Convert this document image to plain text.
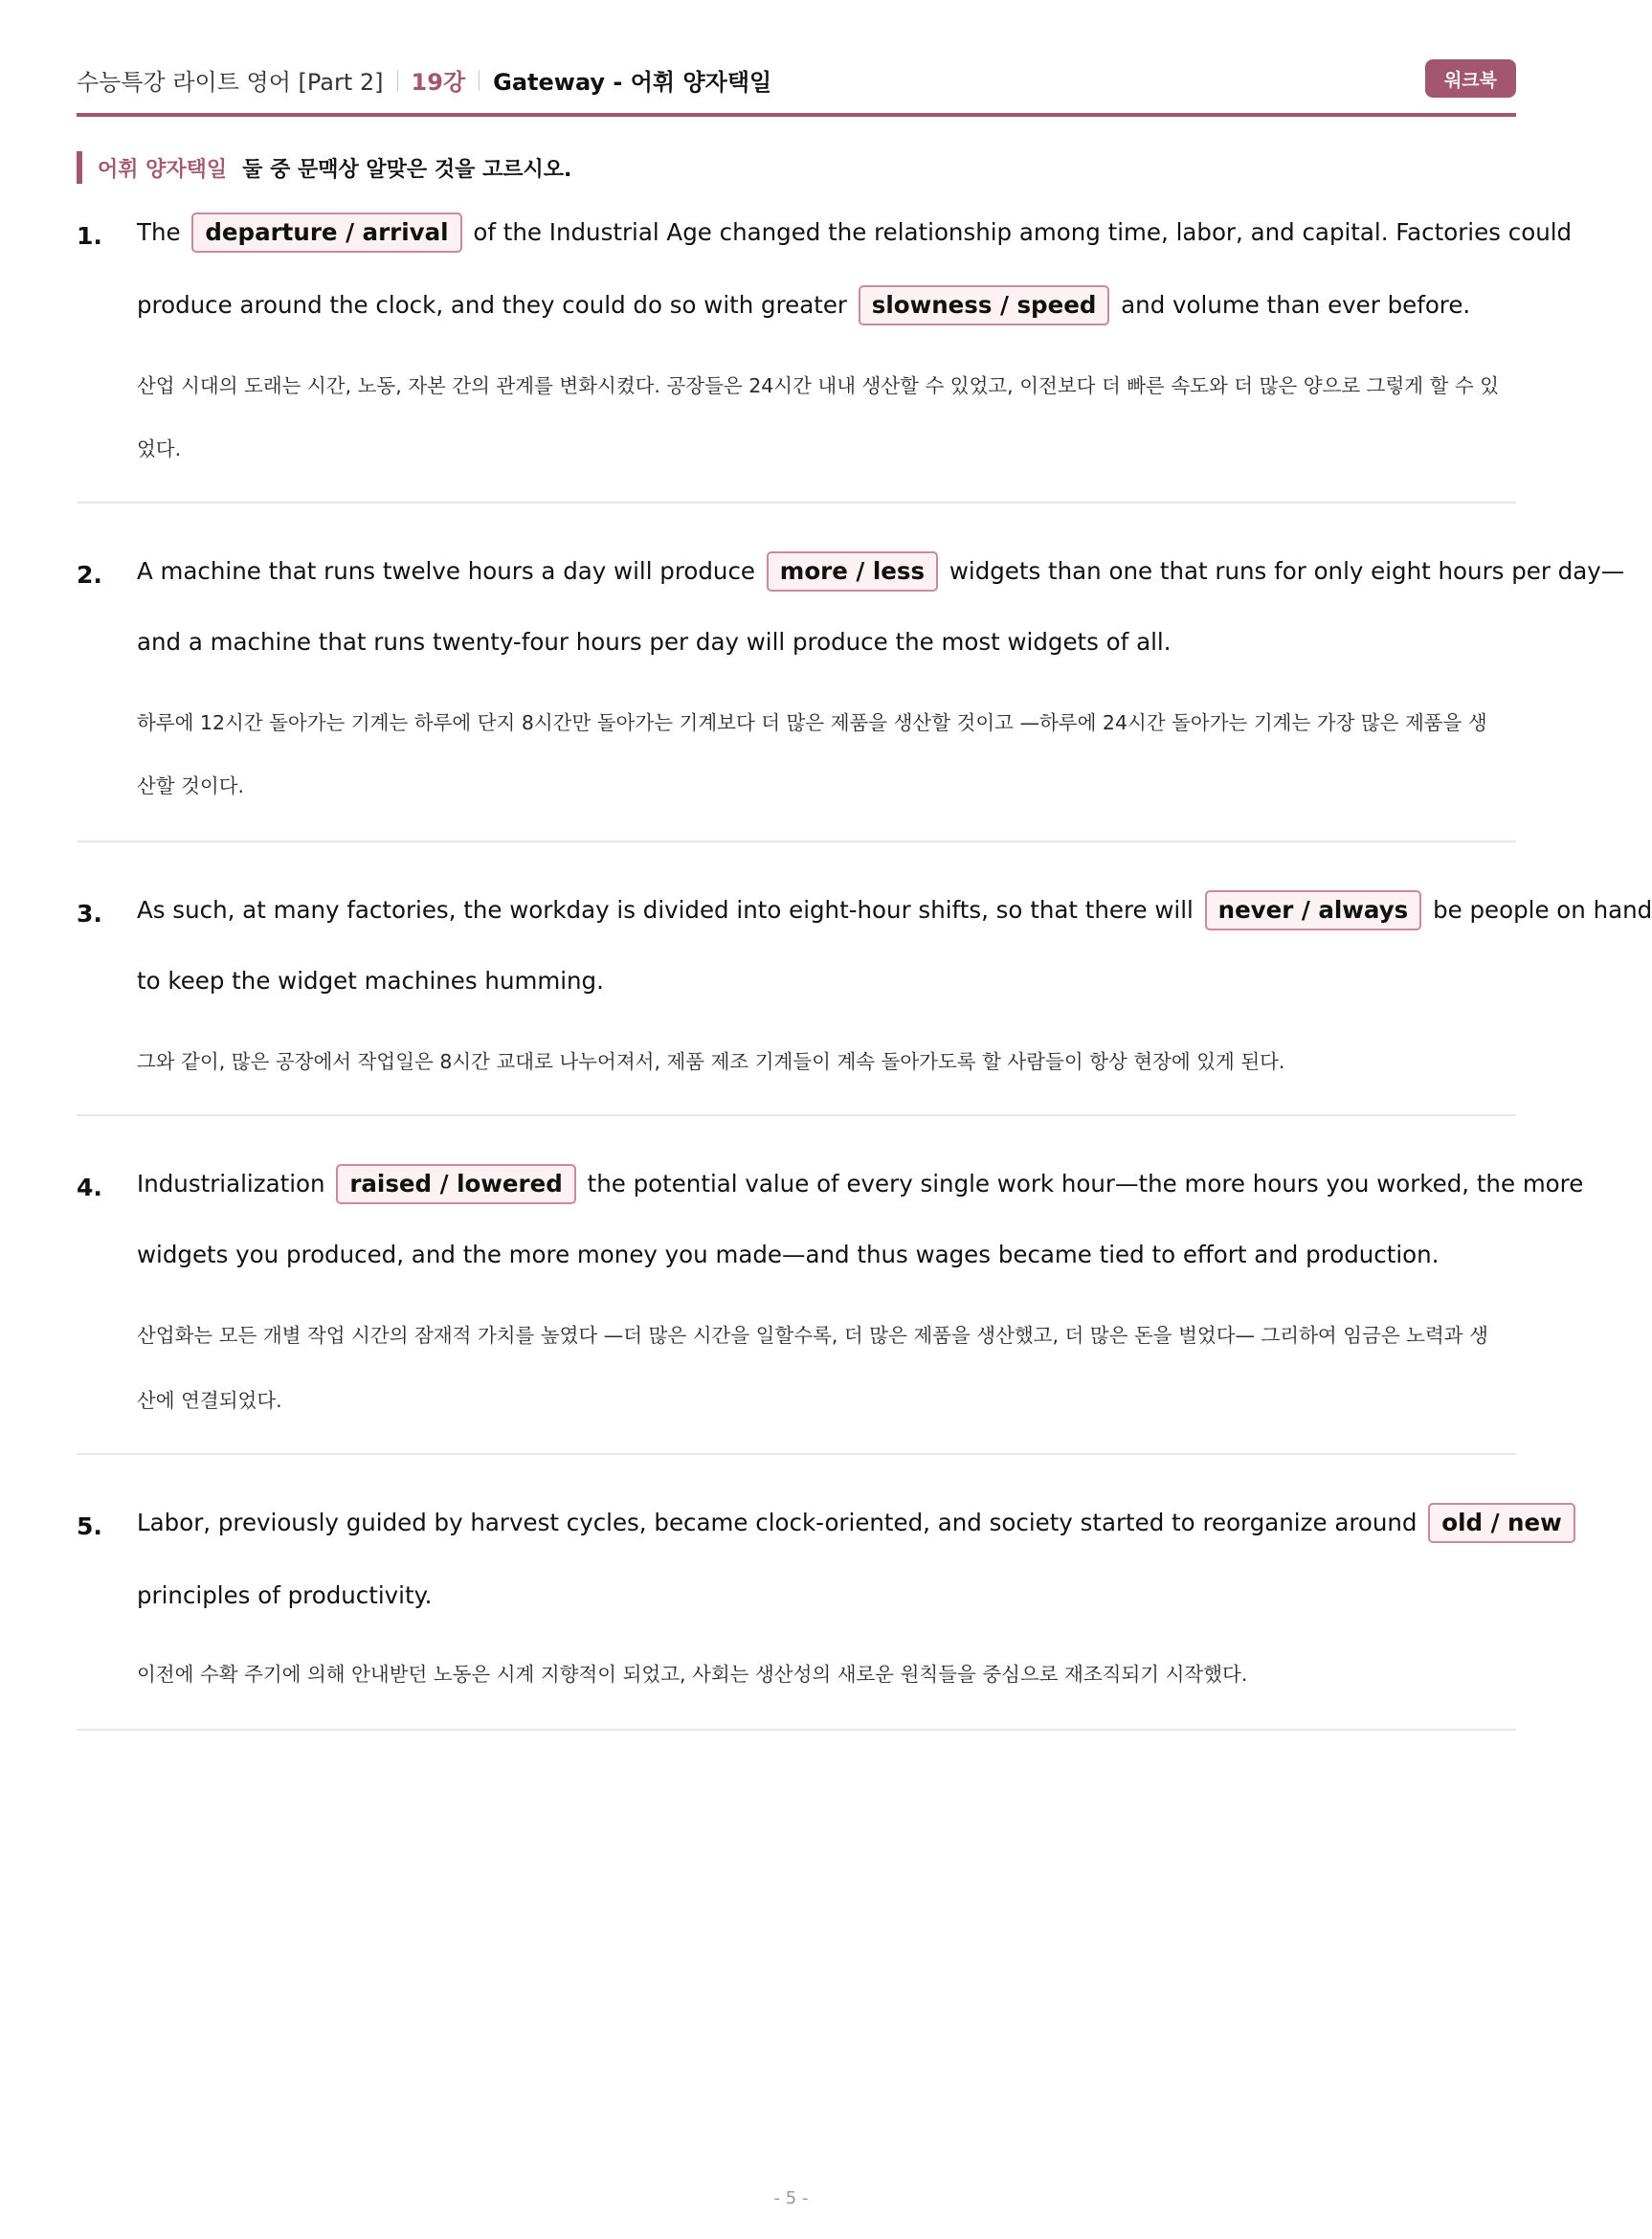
수능특강 라이트 영어 [Part 2] 19강 Gateway - 어휘 양자택일	워크북
어휘 양자택일 둘 중 문맥상 알맞은 것을 고르시오.
1. The departure / arrival of the Industrial Age changed the relationship among time, labor, and capital. Factories could
produce around the clock, and they could do so with greater slowness / speed and volume than ever before.
산업 시대의 도래는 시간, 노동, 자본 간의 관계를 변화시켰다. 공장들은 24시간 내내 생산할 수 있었고, 이전보다 더 빠른 속도와 더 많은 양으로 그렇게 할 수 있
었다.
2. A machine that runs twelve hours a day will produce more / less widgets than one that runs for only eight hours per day—
and a machine that runs twenty-four hours per day will produce the most widgets of all.
하루에 12시간 돌아가는 기계는 하루에 단지 8시간만 돌아가는 기계보다 더 많은 제품을 생산할 것이고 —하루에 24시간 돌아가는 기계는 가장 많은 제품을 생
산할 것이다.
3. As such, at many factories, the workday is divided into eight-hour shifts, so that there will never / always be people on hand
to keep the widget machines humming.
그와 같이, 많은 공장에서 작업일은 8시간 교대로 나누어져서, 제품 제조 기계들이 계속 돌아가도록 할 사람들이 항상 현장에 있게 된다.
4. Industrialization raised / lowered the potential value of every single work hour—the more hours you worked, the more
widgets you produced, and the more money you made—and thus wages became tied to effort and production.
산업화는 모든 개별 작업 시간의 잠재적 가치를 높였다 —더 많은 시간을 일할수록, 더 많은 제품을 생산했고, 더 많은 돈을 벌었다— 그리하여 임금은 노력과 생
산에 연결되었다.
5. Labor, previously guided by harvest cycles, became clock-oriented, and society started to reorganize around old / new
principles of productivity.
이전에 수확 주기에 의해 안내받던 노동은 시계 지향적이 되었고, 사회는 생산성의 새로운 원칙들을 중심으로 재조직되기 시작했다.
- 5 -
